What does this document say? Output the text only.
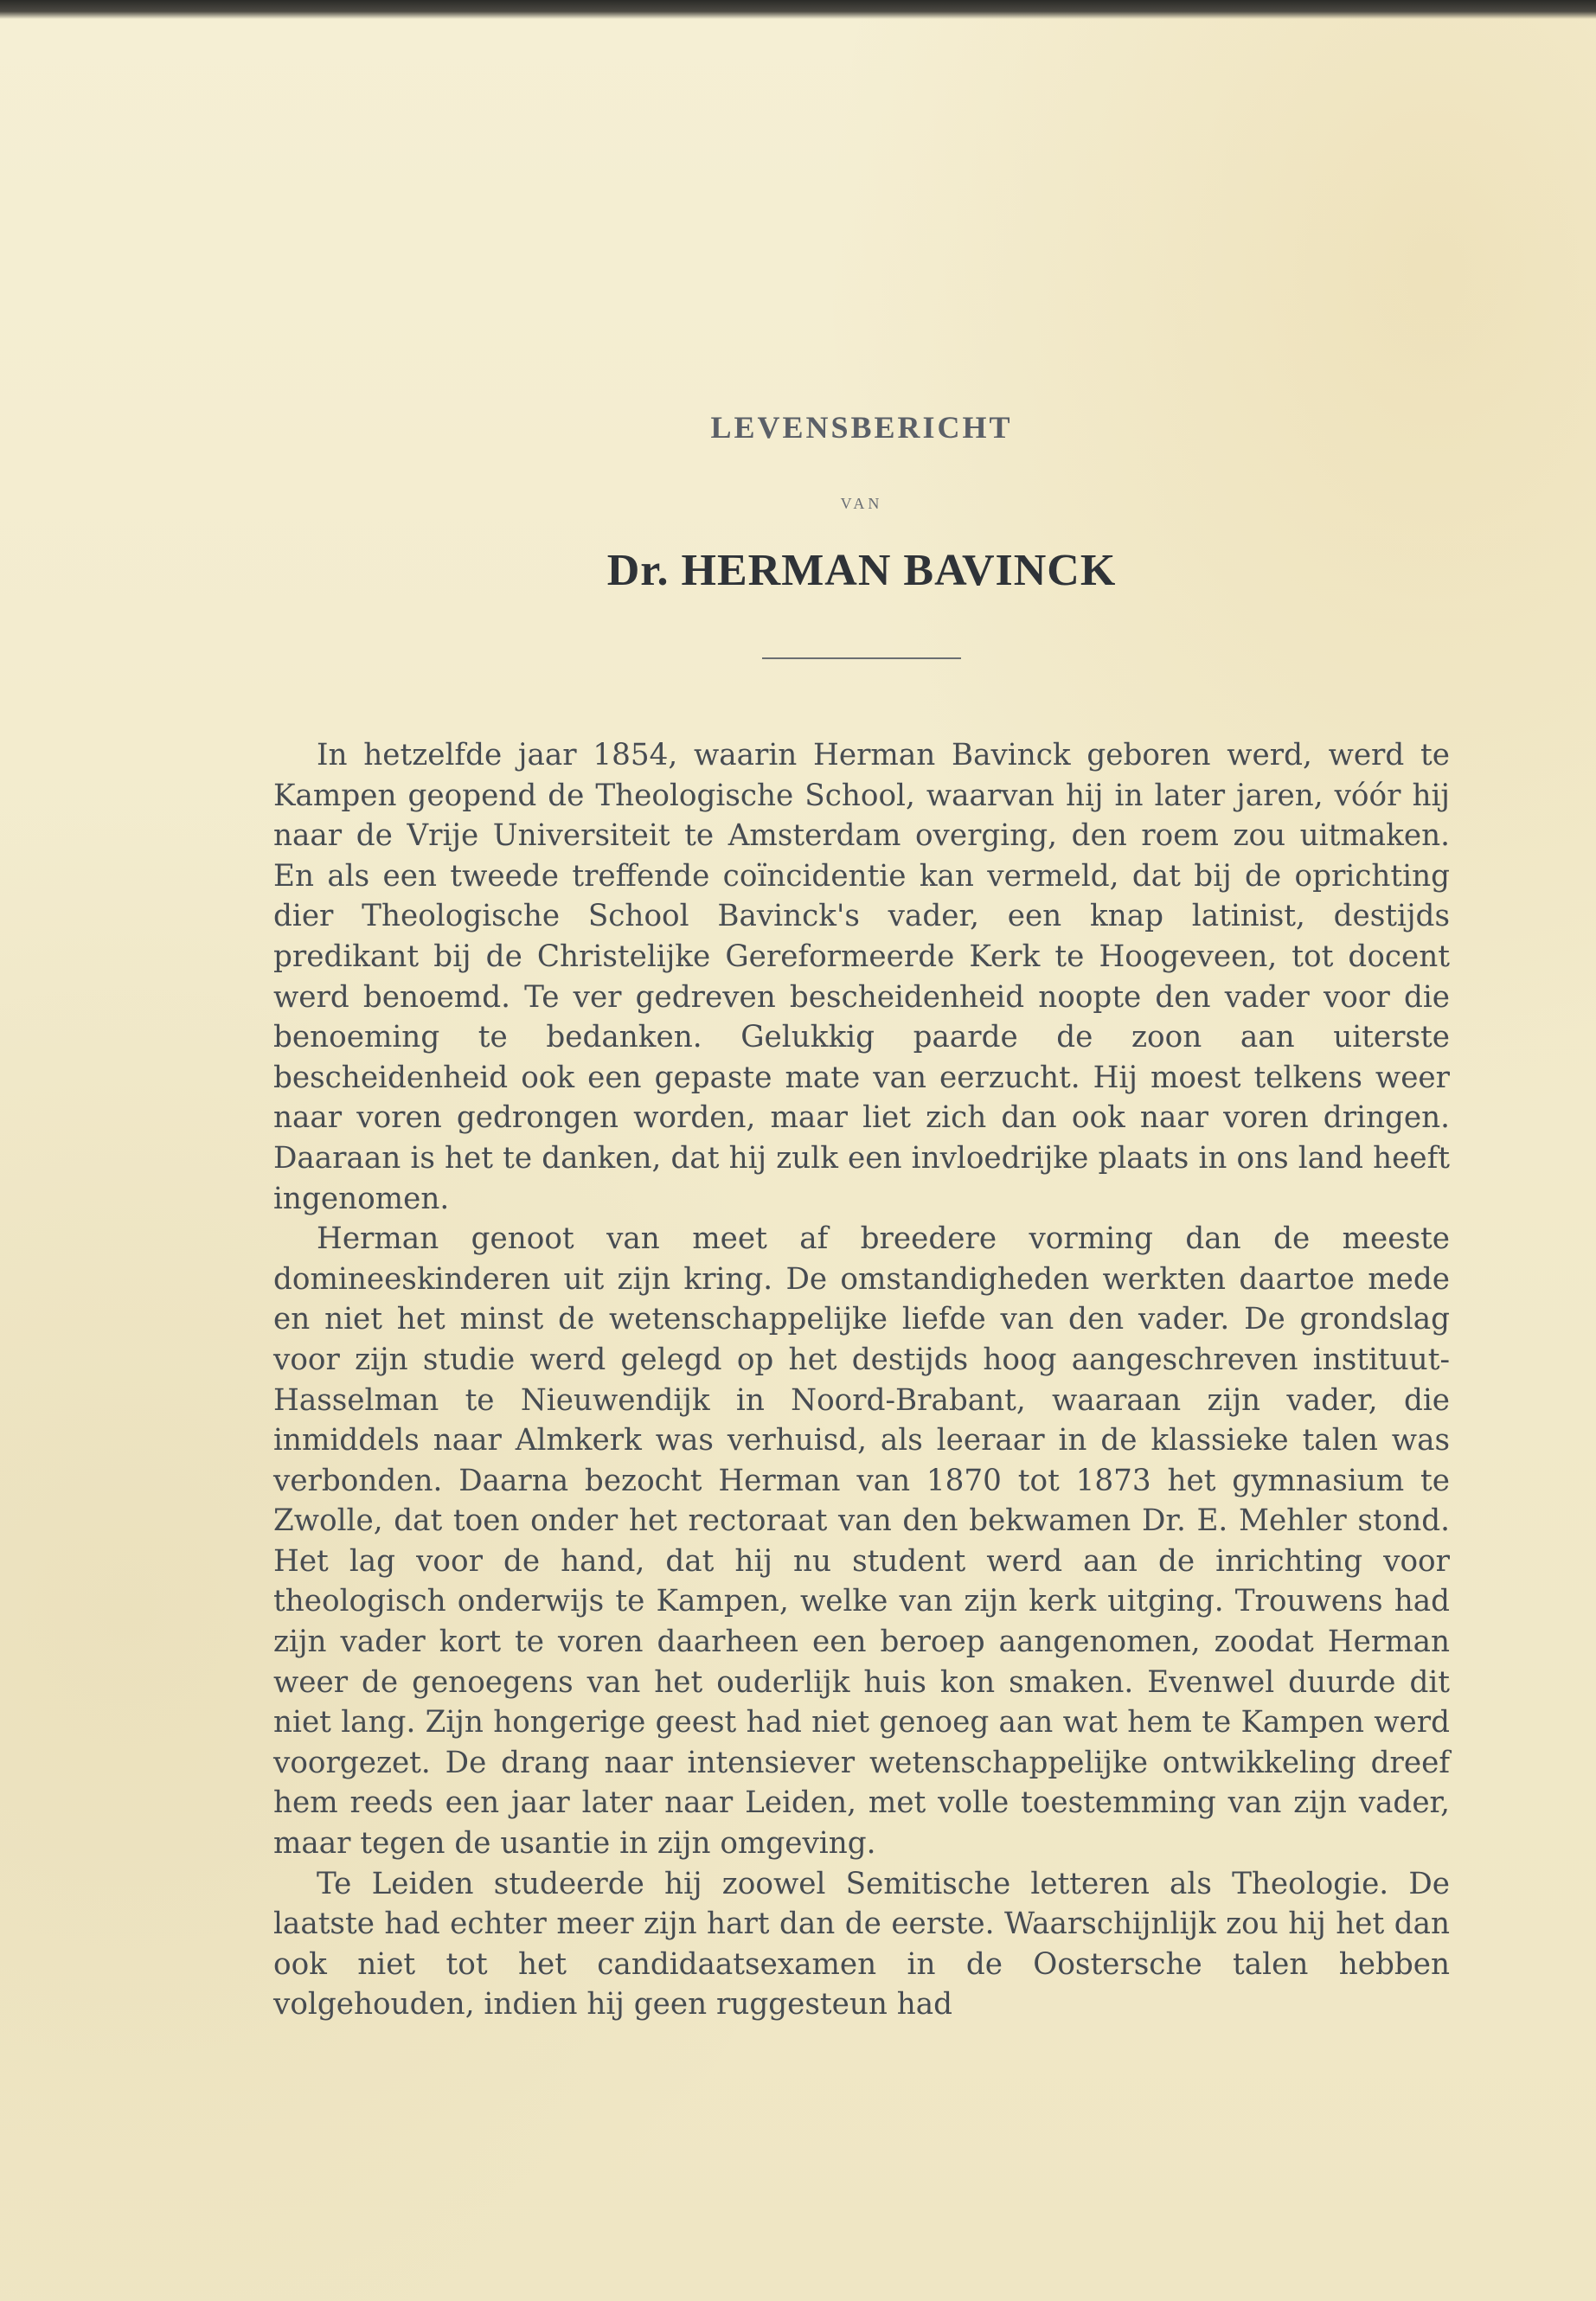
LEVENSBERICHT
VAN
Dr. HERMAN BAVINCK

In hetzelfde jaar 1854, waarin Herman Bavinck geboren werd, werd te Kampen geopend de Theologische School, waarvan hij in later jaren, vóór hij naar de Vrije Universiteit te Amsterdam overging, den roem zou uitmaken. En als een tweede treffende coïncidentie kan vermeld, dat bij de oprichting dier Theologische School Bavinck's vader, een knap latinist, destijds predikant bij de Christelijke Gereformeerde Kerk te Hoogeveen, tot docent werd benoemd. Te ver gedreven bescheidenheid noopte den vader voor die benoeming te bedanken. Gelukkig paarde de zoon aan uiterste bescheidenheid ook een gepaste mate van eerzucht. Hij moest telkens weer naar voren gedrongen worden, maar liet zich dan ook naar voren dringen. Daaraan is het te danken, dat hij zulk een invloedrijke plaats in ons land heeft ingenomen.

Herman genoot van meet af breedere vorming dan de meeste domineeskinderen uit zijn kring. De omstandigheden werkten daartoe mede en niet het minst de wetenschappelijke liefde van den vader. De grondslag voor zijn studie werd gelegd op het destijds hoog aangeschreven instituut-Hasselman te Nieuwendijk in Noord-Brabant, waaraan zijn vader, die inmiddels naar Almkerk was verhuisd, als leeraar in de klassieke talen was verbonden. Daarna bezocht Herman van 1870 tot 1873 het gymnasium te Zwolle, dat toen onder het rectoraat van den bekwamen Dr. E. Mehler stond. Het lag voor de hand, dat hij nu student werd aan de inrichting voor theologisch onderwijs te Kampen, welke van zijn kerk uitging. Trouwens had zijn vader kort te voren daarheen een beroep aangenomen, zoodat Herman weer de genoegens van het ouderlijk huis kon smaken. Evenwel duurde dit niet lang. Zijn hongerige geest had niet genoeg aan wat hem te Kampen werd voorgezet. De drang naar intensiever wetenschappelijke ontwikkeling dreef hem reeds een jaar later naar Leiden, met volle toestemming van zijn vader, maar tegen de usantie in zijn omgeving.

Te Leiden studeerde hij zoowel Semitische letteren als Theologie. De laatste had echter meer zijn hart dan de eerste. Waarschijnlijk zou hij het dan ook niet tot het candidaatsexamen in de Oostersche talen hebben volgehouden, indien hij geen ruggesteun had
